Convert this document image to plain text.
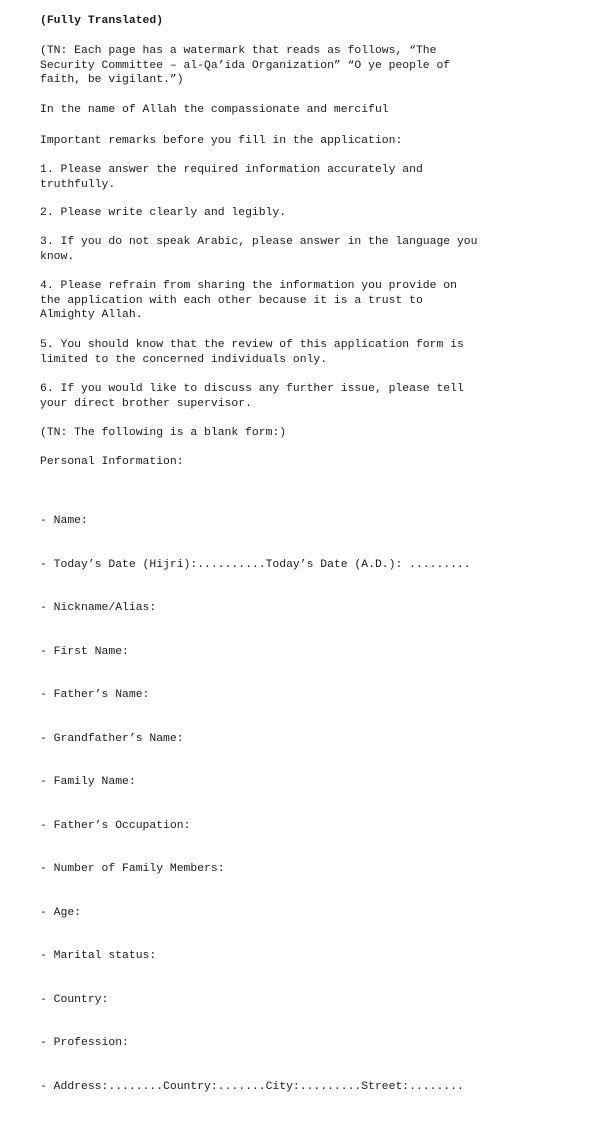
(Fully Translated)
(TN: Each page has a watermark that reads as follows, “The
Security Committee – al-Qa’ida Organization” “O ye people of
faith, be vigilant.”)
In the name of Allah the compassionate and merciful
Important remarks before you fill in the application:
1. Please answer the required information accurately and
truthfully.
2. Please write clearly and legibly.
3. If you do not speak Arabic, please answer in the language you
know.
4. Please refrain from sharing the information you provide on
the application with each other because it is a trust to
Almighty Allah.
5. You should know that the review of this application form is
limited to the concerned individuals only.
6. If you would like to discuss any further issue, please tell
your direct brother supervisor.
(TN: The following is a blank form:)
Personal Information:

- Name:

- Today’s Date (Hijri):..........Today’s Date (A.D.): .........

- Nickname/Alias:

- First Name:

- Father’s Name:

- Grandfather’s Name:

- Family Name:

- Father’s Occupation:

- Number of Family Members:

- Age:

- Marital status:

- Country:

- Profession:

- Address:........Country:.......City:.........Street:........
